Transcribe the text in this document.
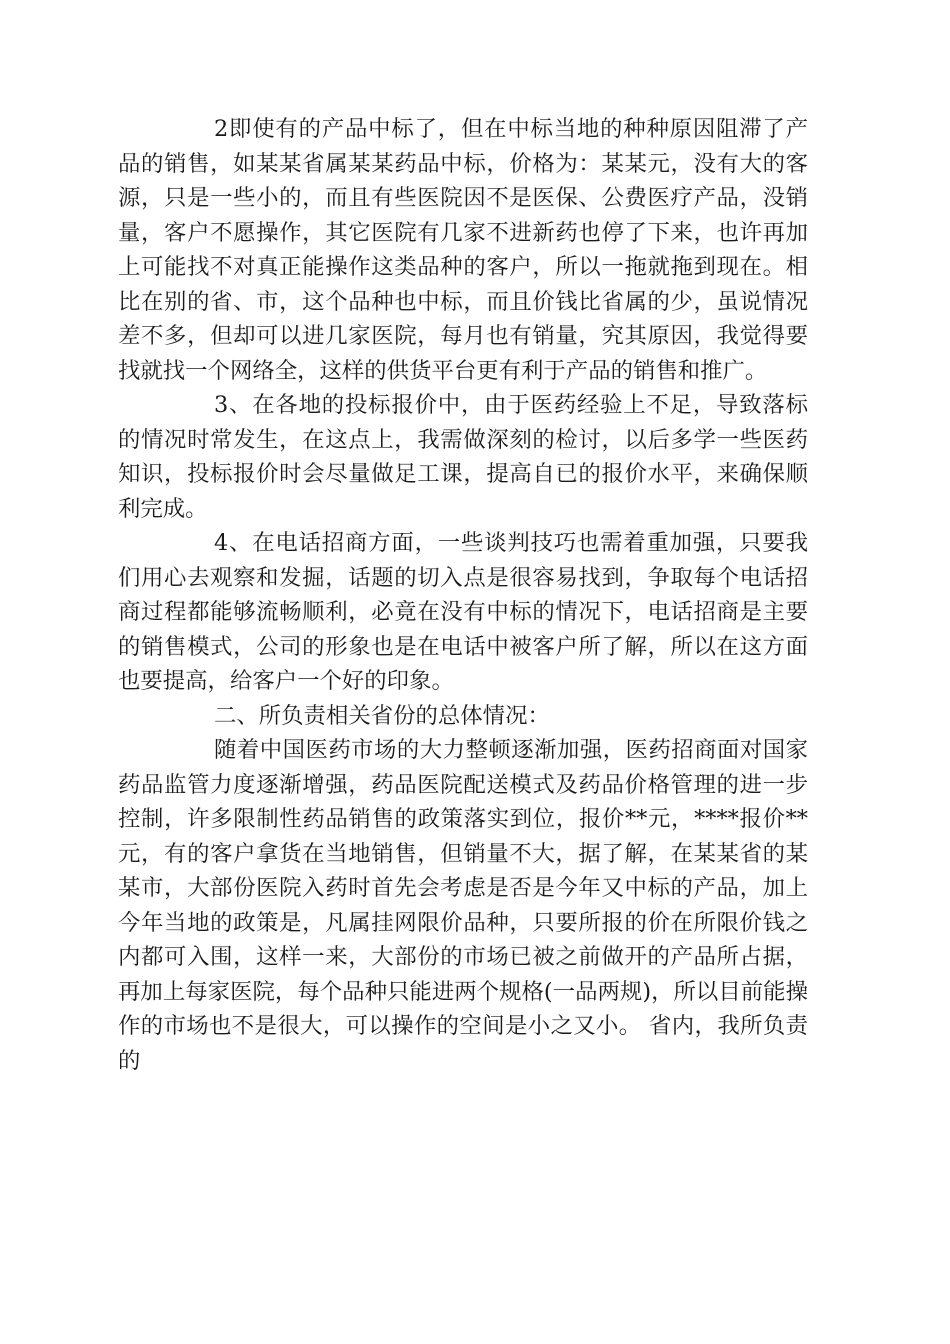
2即使有的产品中标了，但在中标当地的种种原因阻滞了产品的销售，如某某省属某某药品中标，价格为：某某元，没有大的客源，只是一些小的，而且有些医院因不是医保、公费医疗产品，没销量，客户不愿操作，其它医院有几家不进新药也停了下来，也许再加上可能找不对真正能操作这类品种的客户，所以一拖就拖到现在。相比在别的省、市，这个品种也中标，而且价钱比省属的少，虽说情况差不多，但却可以进几家医院，每月也有销量，究其原因，我觉得要找就找一个网络全，这样的供货平台更有利于产品的销售和推广。

3、在各地的投标报价中，由于医药经验上不足，导致落标的情况时常发生，在这点上，我需做深刻的检讨，以后多学一些医药知识，投标报价时会尽量做足工课，提高自已的报价水平，来确保顺利完成。

4、在电话招商方面，一些谈判技巧也需着重加强，只要我们用心去观察和发掘，话题的切入点是很容易找到，争取每个电话招商过程都能够流畅顺利，必竟在没有中标的情况下，电话招商是主要的销售模式，公司的形象也是在电话中被客户所了解，所以在这方面也要提高，给客户一个好的印象。

二、所负责相关省份的总体情况：

随着中国医药市场的大力整顿逐渐加强，医药招商面对国家药品监管力度逐渐增强，药品医院配送模式及药品价格管理的进一步控制，许多限制性药品销售的政策落实到位，报价**元，****报价**元，有的客户拿货在当地销售，但销量不大，据了解，在某某省的某某市，大部份医院入药时首先会考虑是否是今年又中标的产品，加上今年当地的政策是，凡属挂网限价品种，只要所报的价在所限价钱之内都可入围，这样一来，大部份的市场已被之前做开的产品所占据，再加上每家医院，每个品种只能进两个规格(一品两规)，所以目前能操作的市场也不是很大，可以操作的空间是小之又小。 省内，我所负责的
